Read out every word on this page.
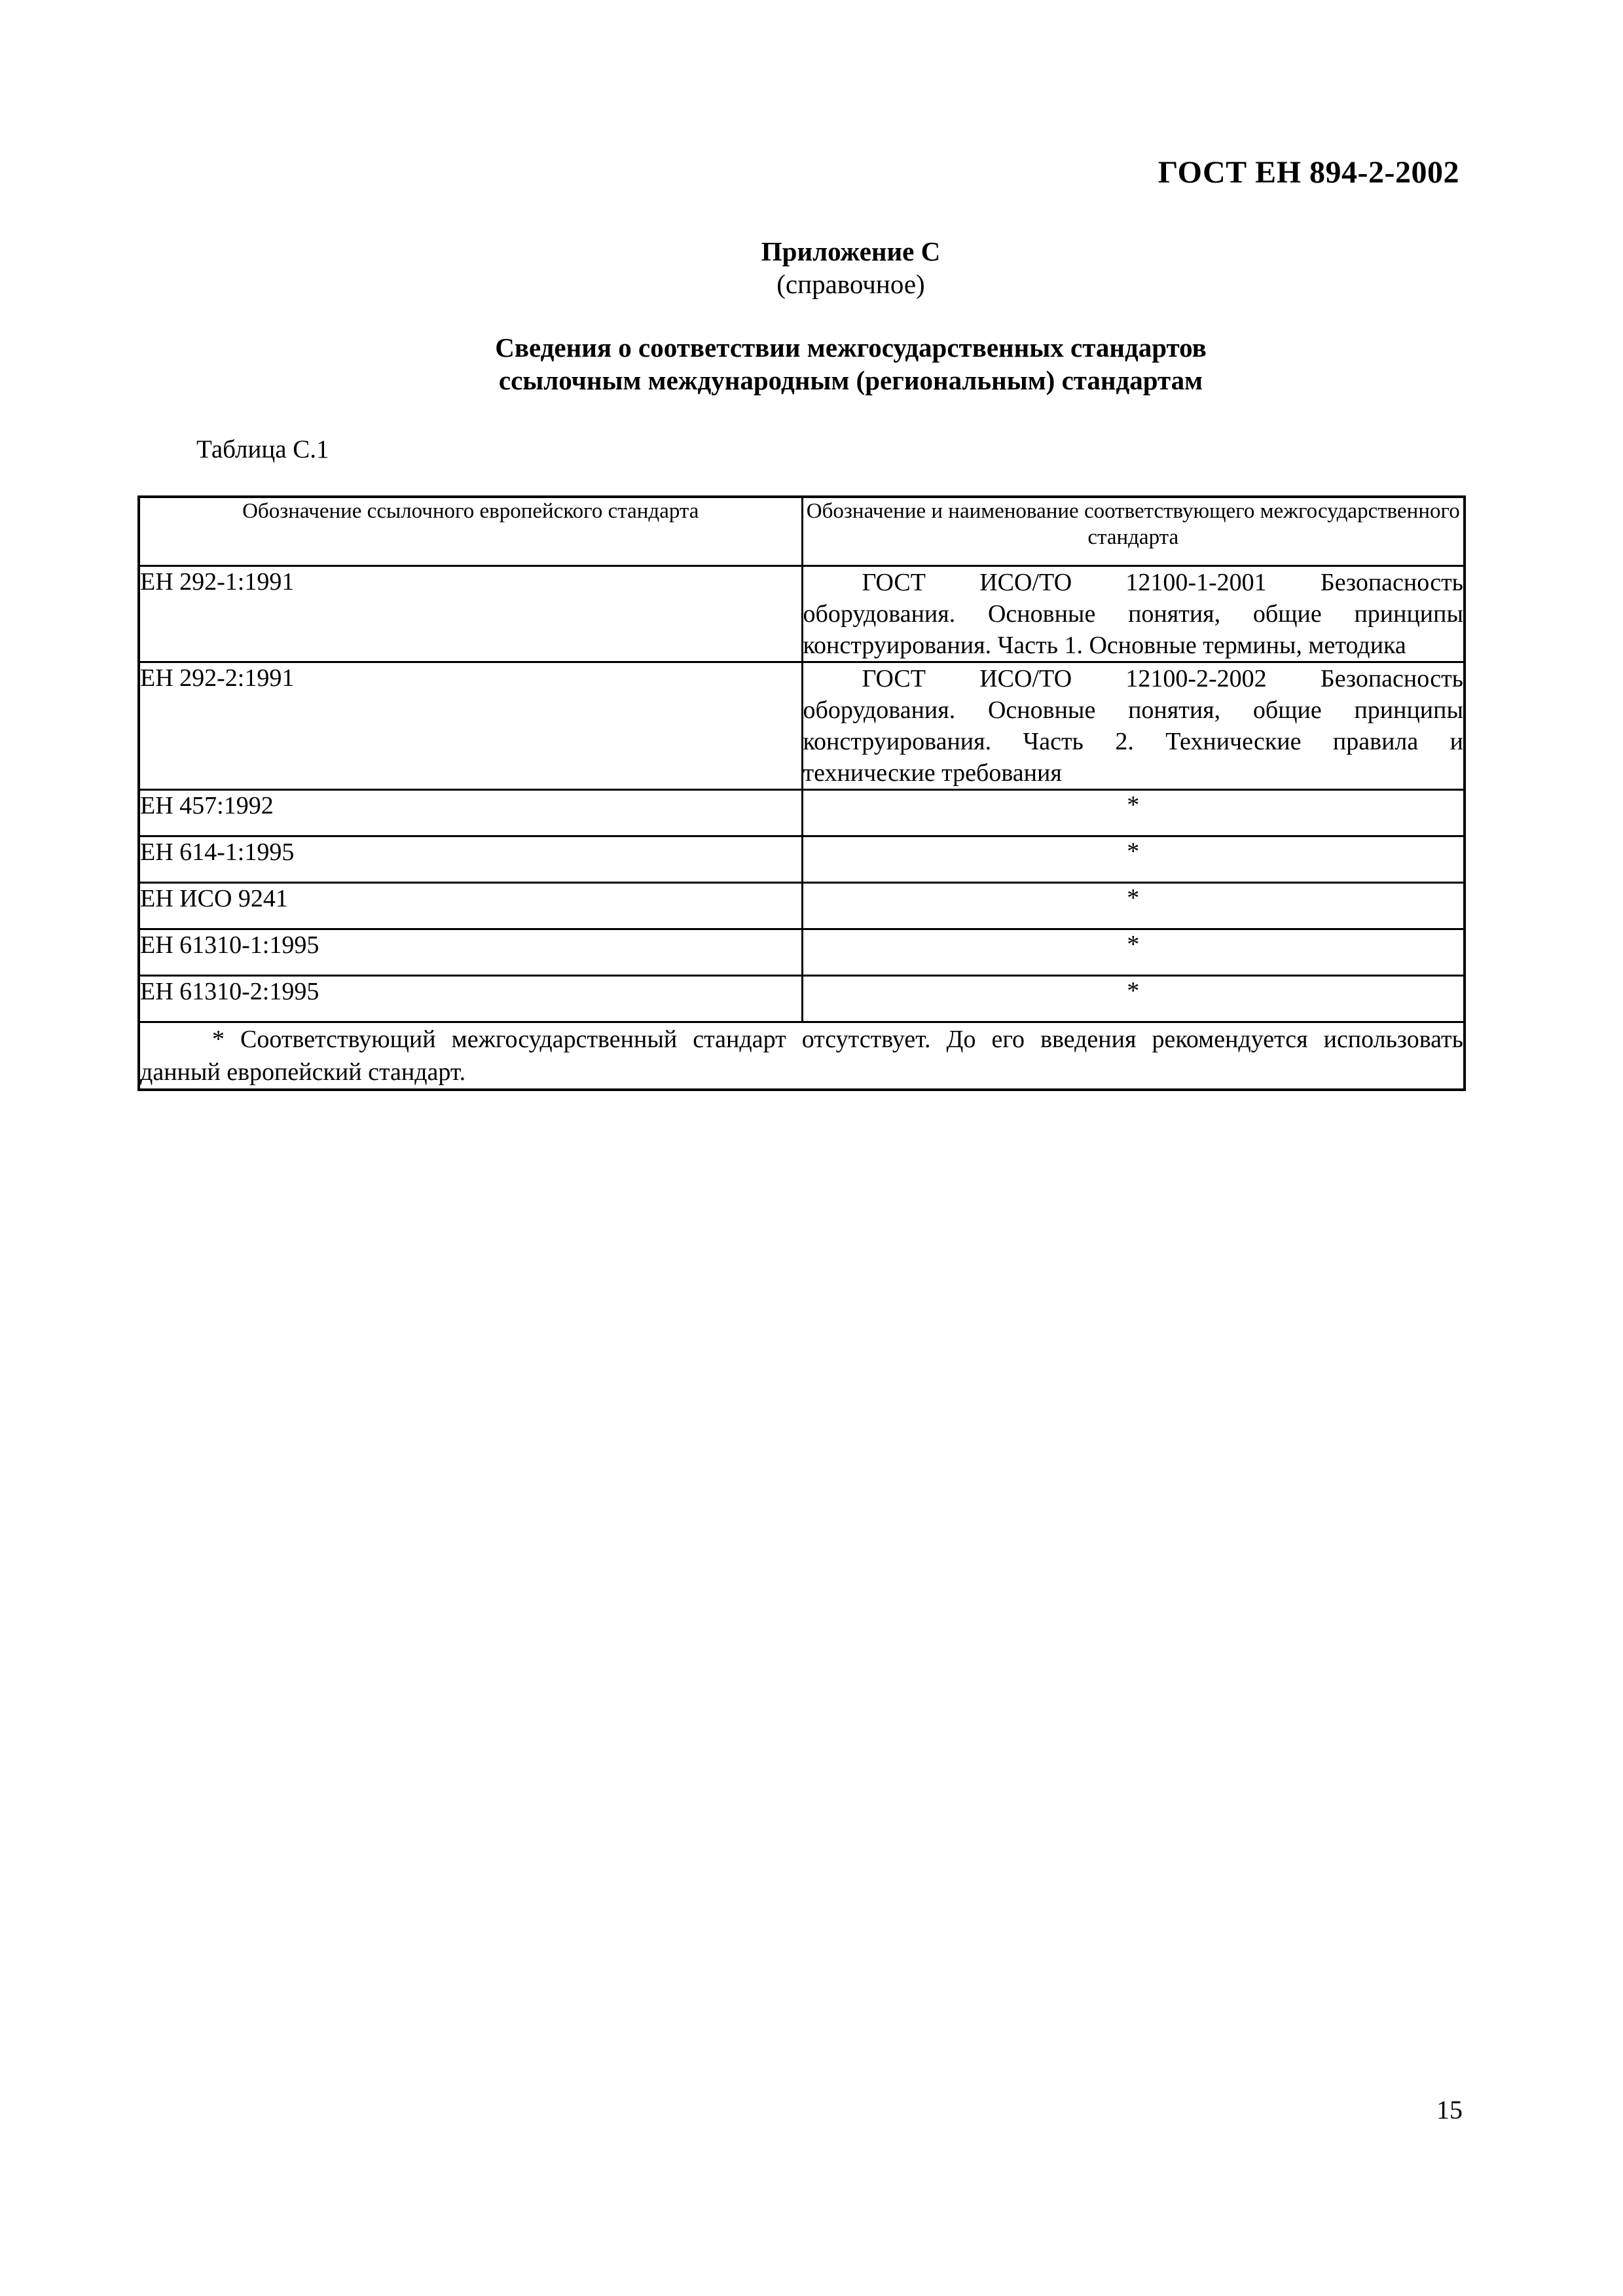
ГОСТ ЕН 894-2-2002
Приложение С
(справочное)
Сведения о соответствии межгосударственных стандартов
ссылочным международным (региональным) стандартам
Таблица С.1
Обозначение ссылочного европейского стандарта	Обозначение и наименование соответствующего межгосударственного стандарта
ЕН 292-1:1991	ГОСТ ИСО/ТО 12100-1-2001 Безопасность оборудования. Основные понятия, общие принципы конструирования. Часть 1. Основные термины, методика

ЕН 292-2:1991	ГОСТ ИСО/ТО 12100-2-2002 Безопасность оборудования. Основные понятия, общие принципы конструирования. Часть 2. Технические правила и технические требования

ЕН 457:1992	*
ЕН 614-1:1995	*
ЕН ИСО 9241	*
ЕН 61310-1:1995	*
ЕН 61310-2:1995	*

* Соответствующий межгосударственный стандарт отсутствует. До его введения рекомендуется использовать данный европейский стандарт.	
15
